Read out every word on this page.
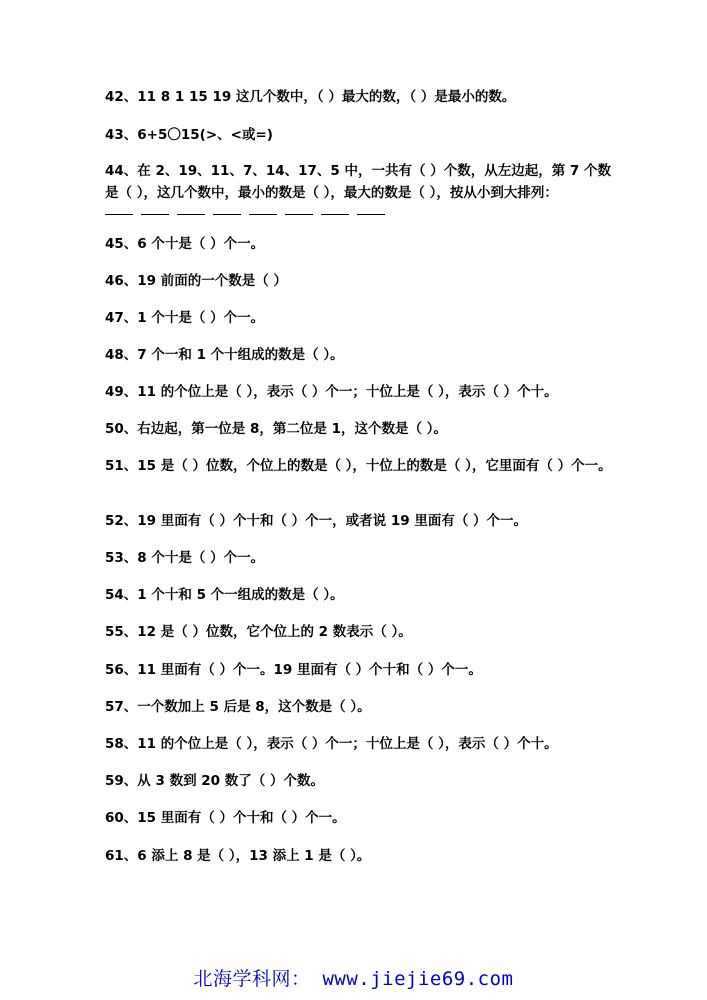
42、11 8 1 15 19 这几个数中，（ ）最大的数，（ ）是最小的数。
43、6+5〇15(>、<或=)
44、在 2、19、11、7、14、17、5 中，一共有（ ）个数，从左边起，第 7 个数是（ ），这几个数中，最小的数是（ ），最大的数是（ ），按从小到大排列：
45、6 个十是（ ）个一。
46、19 前面的一个数是（ ）
47、1 个十是（ ）个一。
48、7 个一和 1 个十组成的数是（ ）。
49、11 的个位上是（ ），表示（ ）个一；十位上是（ ），表示（ ）个十。
50、右边起，第一位是 8，第二位是 1，这个数是（ ）。
51、15 是（ ）位数，个位上的数是（ ），十位上的数是（ ），它里面有（ ）个一。
52、19 里面有（ ）个十和（ ）个一，或者说 19 里面有（ ）个一。
53、8 个十是（ ）个一。
54、1 个十和 5 个一组成的数是（ ）。
55、12 是（ ）位数，它个位上的 2 数表示（ ）。
56、11 里面有（ ）个一。19 里面有（ ）个十和（ ）个一。
57、一个数加上 5 后是 8，这个数是（ ）。
58、11 的个位上是（ ），表示（ ）个一；十位上是（ ），表示（ ）个十。
59、从 3 数到 20 数了（ ）个数。
60、15 里面有（ ）个十和（ ）个一。
61、6 添上 8 是（ ），13 添上 1 是（ ）。
北海学科网： www.jiejie69.com
